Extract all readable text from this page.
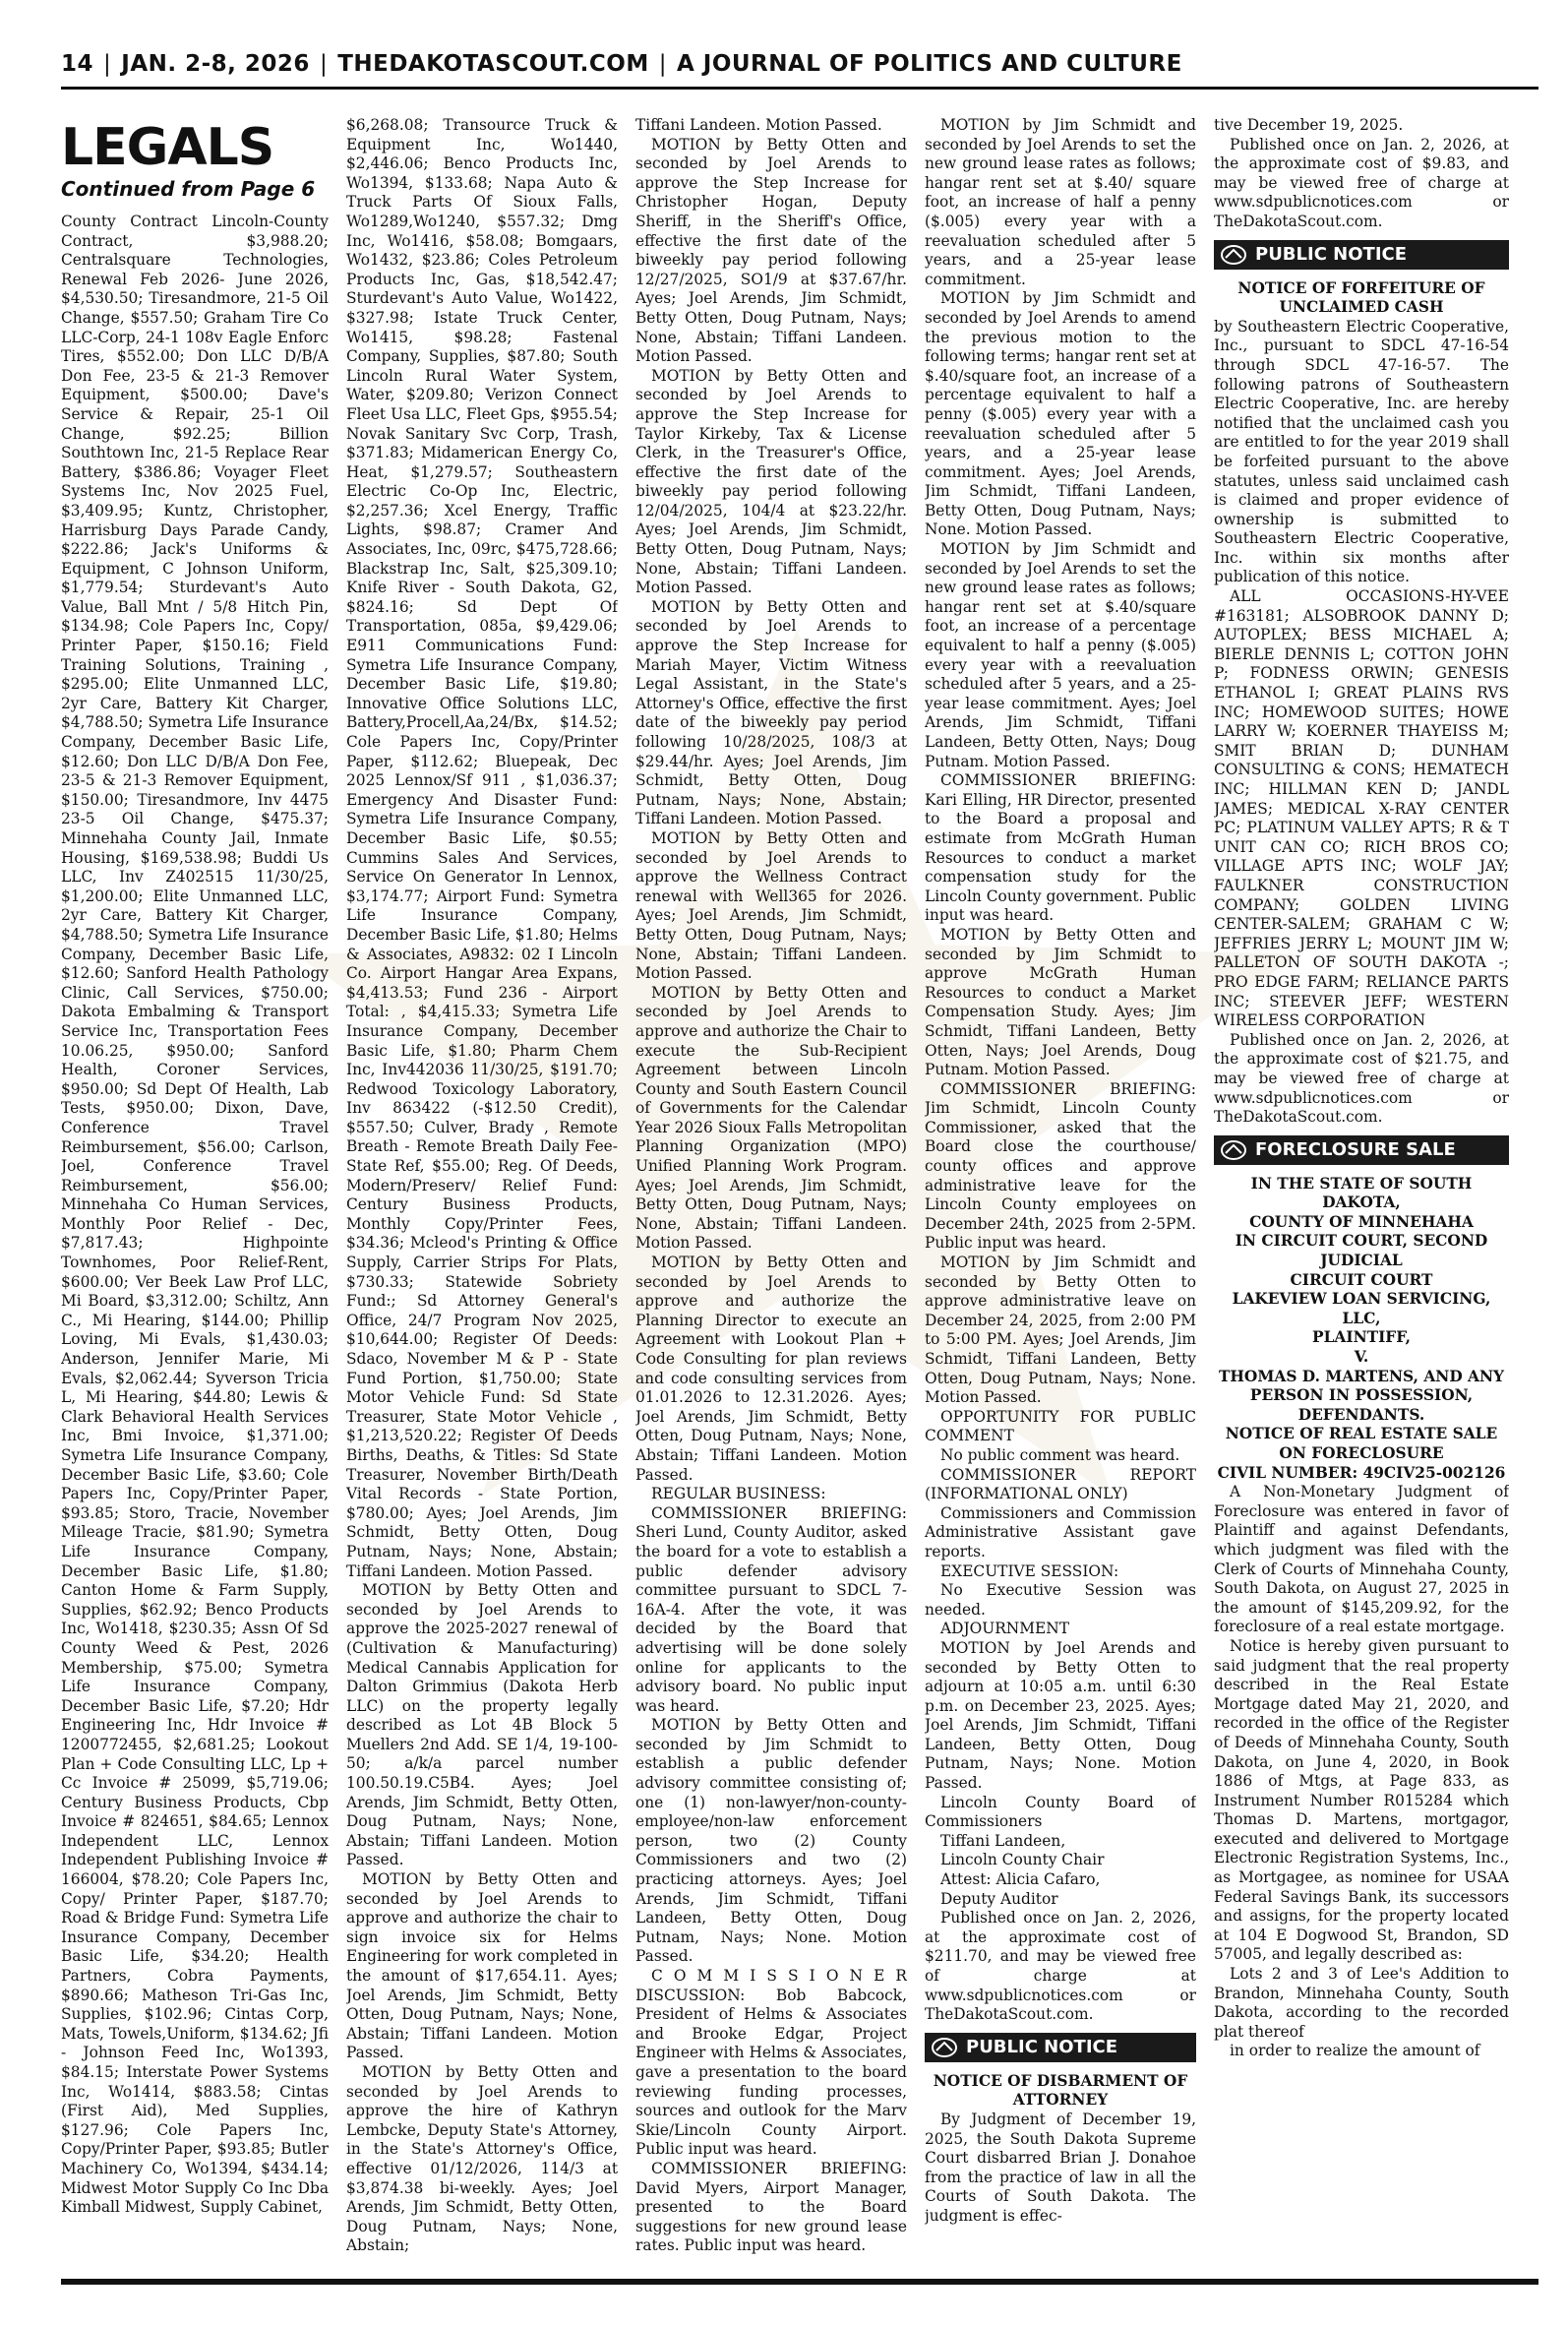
14 | JAN. 2-8, 2026 | THEDAKOTASCOUT.COM | A JOURNAL OF POLITICS AND CULTURE
LEGALS
Continued from Page 6

County Contract Lincoln-County Contract, $3,988.20; Centralsquare Technologies, Renewal Feb 2026- June 2026, $4,530.50; Tiresandmore, 21-5 Oil Change, $557.50; Graham Tire Co LLC-Corp, 24-1 108v Eagle Enforc Tires, $552.00; Don LLC D/B/A Don Fee, 23-5 & 21-3 Remover Equipment, $500.00; Dave's Service & Repair, 25-1 Oil Change, $92.25; Billion Southtown Inc, 21-5 Replace Rear Battery, $386.86; Voyager Fleet Systems Inc, Nov 2025 Fuel, $3,409.95; Kuntz, Christopher, Harrisburg Days Parade Candy, $222.86; Jack's Uniforms & Equipment, C Johnson Uniform, $1,779.54; Sturdevant's Auto Value, Ball Mnt / 5/8 Hitch Pin, $134.98; Cole Papers Inc, Copy/ Printer Paper, $150.16; Field Training Solutions, Training , $295.00; Elite Unmanned LLC, 2yr Care, Battery Kit Charger, $4,788.50; Symetra Life Insurance Company, December Basic Life, $12.60; Don LLC D/B/A Don Fee, 23-5 & 21-3 Remover Equipment, $150.00; Tiresandmore, Inv 4475 23-5 Oil Change, $475.37; Minnehaha County Jail, Inmate Housing, $169,538.98; Buddi Us LLC, Inv Z402515 11/30/25, $1,200.00; Elite Unmanned LLC, 2yr Care, Battery Kit Charger, $4,788.50; Symetra Life Insurance Company, December Basic Life, $12.60; Sanford Health Pathology Clinic, Call Services, $750.00; Dakota Embalming & Transport Service Inc, Transportation Fees 10.06.25, $950.00; Sanford Health, Coroner Services, $950.00; Sd Dept Of Health, Lab Tests, $950.00; Dixon, Dave, Conference Travel Reimbursement, $56.00; Carlson, Joel, Conference Travel Reimbursement, $56.00; Minnehaha Co Human Services, Monthly Poor Relief - Dec, $7,817.43; Highpointe Townhomes, Poor Relief-Rent, $600.00; Ver Beek Law Prof LLC, Mi Board, $3,312.00; Schiltz, Ann C., Mi Hearing, $144.00; Phillip Loving, Mi Evals, $1,430.03; Anderson, Jennifer Marie, Mi Evals, $2,062.44; Syverson Tricia L, Mi Hearing, $44.80; Lewis & Clark Behavioral Health Services Inc, Bmi Invoice, $1,371.00; Symetra Life Insurance Company, December Basic Life, $3.60; Cole Papers Inc, Copy/Printer Paper, $93.85; Storo, Tracie, November Mileage Tracie, $81.90; Symetra Life Insurance Company, December Basic Life, $1.80; Canton Home & Farm Supply, Supplies, $62.92; Benco Products Inc, Wo1418, $230.35; Assn Of Sd County Weed & Pest, 2026 Membership, $75.00; Symetra Life Insurance Company, December Basic Life, $7.20; Hdr Engineering Inc, Hdr Invoice # 1200772455, $2,681.25; Lookout Plan + Code Consulting LLC, Lp + Cc Invoice # 25099, $5,719.06; Century Business Products, Cbp Invoice # 824651, $84.65; Lennox Independent LLC, Lennox Independent Publishing Invoice # 166004, $78.20; Cole Papers Inc, Copy/ Printer Paper, $187.70; Road & Bridge Fund: Symetra Life Insurance Company, December Basic Life, $34.20; Health Partners, Cobra Payments, $890.66; Matheson Tri-Gas Inc, Supplies, $102.96; Cintas Corp, Mats, Towels,Uniform, $134.62; Jfi - Johnson Feed Inc, Wo1393, $84.15; Interstate Power Systems Inc, Wo1414, $883.58; Cintas (First Aid), Med Supplies, $127.96; Cole Papers Inc, Copy/Printer Paper, $93.85; Butler Machinery Co, Wo1394, $434.14; Midwest Motor Supply Co Inc Dba Kimball Midwest, Supply Cabinet,

$6,268.08; Transource Truck & Equipment Inc, Wo1440, $2,446.06; Benco Products Inc, Wo1394, $133.68; Napa Auto & Truck Parts Of Sioux Falls, Wo1289,Wo1240, $557.32; Dmg Inc, Wo1416, $58.08; Bomgaars, Wo1432, $23.86; Coles Petroleum Products Inc, Gas, $18,542.47; Sturdevant's Auto Value, Wo1422, $327.98; Istate Truck Center, Wo1415, $98.28; Fastenal Company, Supplies, $87.80; South Lincoln Rural Water System, Water, $209.80; Verizon Connect Fleet Usa LLC, Fleet Gps, $955.54; Novak Sanitary Svc Corp, Trash, $371.83; Midamerican Energy Co, Heat, $1,279.57; Southeastern Electric Co-Op Inc, Electric, $2,257.36; Xcel Energy, Traffic Lights, $98.87; Cramer And Associates, Inc, 09rc, $475,728.66; Blackstrap Inc, Salt, $25,309.10; Knife River - South Dakota, G2, $824.16; Sd Dept Of Transportation, 085a, $9,429.06; E911 Communications Fund: Symetra Life Insurance Company, December Basic Life, $19.80; Innovative Office Solutions LLC, Battery,Procell,Aa,24/Bx, $14.52; Cole Papers Inc, Copy/Printer Paper, $112.62; Bluepeak, Dec 2025 Lennox/Sf 911 , $1,036.37; Emergency And Disaster Fund: Symetra Life Insurance Company, December Basic Life, $0.55; Cummins Sales And Services, Service On Generator In Lennox, $3,174.77; Airport Fund: Symetra Life Insurance Company, December Basic Life, $1.80; Helms & Associates, A9832: 02 I Lincoln Co. Airport Hangar Area Expans, $4,413.53; Fund 236 - Airport Total: , $4,415.33; Symetra Life Insurance Company, December Basic Life, $1.80; Pharm Chem Inc, Inv442036 11/30/25, $191.70; Redwood Toxicology Laboratory, Inv 863422 (-$12.50 Credit), $557.50; Culver, Brady , Remote Breath - Remote Breath Daily Fee- State Ref, $55.00; Reg. Of Deeds, Modern/Preserv/ Relief Fund: Century Business Products, Monthly Copy/Printer Fees, $34.36; Mcleod's Printing & Office Supply, Carrier Strips For Plats, $730.33; Statewide Sobriety Fund:; Sd Attorney General's Office, 24/7 Program Nov 2025, $10,644.00; Register Of Deeds: Sdaco, November M & P - State Fund Portion, $1,750.00; State Motor Vehicle Fund: Sd State Treasurer, State Motor Vehicle , $1,213,520.22; Register Of Deeds Births, Deaths, & Titles: Sd State Treasurer, November Birth/Death Vital Records - State Portion, $780.00; Ayes; Joel Arends, Jim Schmidt, Betty Otten, Doug Putnam, Nays; None, Abstain; Tiffani Landeen. Motion Passed.

MOTION by Betty Otten and seconded by Joel Arends to approve the 2025-2027 renewal of (Cultivation & Manufacturing) Medical Cannabis Application for Dalton Grimmius (Dakota Herb LLC) on the property legally described as Lot 4B Block 5 Muellers 2nd Add. SE 1/4, 19-100-50; a/k/a parcel number 100.50.19.C5B4. Ayes; Joel Arends, Jim Schmidt, Betty Otten, Doug Putnam, Nays; None, Abstain; Tiffani Landeen. Motion Passed.

MOTION by Betty Otten and seconded by Joel Arends to approve and authorize the chair to sign invoice six for Helms Engineering for work completed in the amount of $17,654.11. Ayes; Joel Arends, Jim Schmidt, Betty Otten, Doug Putnam, Nays; None, Abstain; Tiffani Landeen. Motion Passed.

MOTION by Betty Otten and seconded by Joel Arends to approve the hire of Kathryn Lembcke, Deputy State's Attorney, in the State's Attorney's Office, effective 01/12/2026, 114/3 at $3,874.38 bi-weekly. Ayes; Joel Arends, Jim Schmidt, Betty Otten, Doug Putnam, Nays; None, Abstain;

Tiffani Landeen. Motion Passed.

MOTION by Betty Otten and seconded by Joel Arends to approve the Step Increase for Christopher Hogan, Deputy Sheriff, in the Sheriff's Office, effective the first date of the biweekly pay period following 12/27/2025, SO1/9 at $37.67/hr. Ayes; Joel Arends, Jim Schmidt, Betty Otten, Doug Putnam, Nays; None, Abstain; Tiffani Landeen. Motion Passed.

MOTION by Betty Otten and seconded by Joel Arends to approve the Step Increase for Taylor Kirkeby, Tax & License Clerk, in the Treasurer's Office, effective the first date of the biweekly pay period following 12/04/2025, 104/4 at $23.22/hr. Ayes; Joel Arends, Jim Schmidt, Betty Otten, Doug Putnam, Nays; None, Abstain; Tiffani Landeen. Motion Passed.

MOTION by Betty Otten and seconded by Joel Arends to approve the Step Increase for Mariah Mayer, Victim Witness Legal Assistant, in the State's Attorney's Office, effective the first date of the biweekly pay period following 10/28/2025, 108/3 at $29.44/hr. Ayes; Joel Arends, Jim Schmidt, Betty Otten, Doug Putnam, Nays; None, Abstain; Tiffani Landeen. Motion Passed.

MOTION by Betty Otten and seconded by Joel Arends to approve the Wellness Contract renewal with Well365 for 2026. Ayes; Joel Arends, Jim Schmidt, Betty Otten, Doug Putnam, Nays; None, Abstain; Tiffani Landeen. Motion Passed.

MOTION by Betty Otten and seconded by Joel Arends to approve and authorize the Chair to execute the Sub-Recipient Agreement between Lincoln County and South Eastern Council of Governments for the Calendar Year 2026 Sioux Falls Metropolitan Planning Organization (MPO) Unified Planning Work Program. Ayes; Joel Arends, Jim Schmidt, Betty Otten, Doug Putnam, Nays; None, Abstain; Tiffani Landeen. Motion Passed.

MOTION by Betty Otten and seconded by Joel Arends to approve and authorize the Planning Director to execute an Agreement with Lookout Plan + Code Consulting for plan reviews and code consulting services from 01.01.2026 to 12.31.2026. Ayes; Joel Arends, Jim Schmidt, Betty Otten, Doug Putnam, Nays; None, Abstain; Tiffani Landeen. Motion Passed.

REGULAR BUSINESS:

COMMISSIONER BRIEFING: Sheri Lund, County Auditor, asked the board for a vote to establish a public defender advisory committee pursuant to SDCL 7-16A-4. After the vote, it was decided by the Board that advertising will be done solely online for applicants to the advisory board. No public input was heard.

MOTION by Betty Otten and seconded by Jim Schmidt to establish a public defender advisory committee consisting of; one (1) non-lawyer/non-county-employee/non-law enforcement person, two (2) County Commissioners and two (2) practicing attorneys. Ayes; Joel Arends, Jim Schmidt, Tiffani Landeen, Betty Otten, Doug Putnam, Nays; None. Motion Passed.

C O M M I S S I O N E R DISCUSSION: Bob Babcock, President of Helms & Associates and Brooke Edgar, Project Engineer with Helms & Associates, gave a presentation to the board reviewing funding processes, sources and outlook for the Marv Skie/Lincoln County Airport. Public input was heard.

COMMISSIONER BRIEFING: David Myers, Airport Manager, presented to the Board suggestions for new ground lease rates. Public input was heard.

MOTION by Jim Schmidt and seconded by Joel Arends to set the new ground lease rates as follows; hangar rent set at $.40/ square foot, an increase of half a penny ($.005) every year with a reevaluation scheduled after 5 years, and a 25-year lease commitment.

MOTION by Jim Schmidt and seconded by Joel Arends to amend the previous motion to the following terms; hangar rent set at $.40/square foot, an increase of a percentage equivalent to half a penny ($.005) every year with a reevaluation scheduled after 5 years, and a 25-year lease commitment. Ayes; Joel Arends, Jim Schmidt, Tiffani Landeen, Betty Otten, Doug Putnam, Nays; None. Motion Passed.

MOTION by Jim Schmidt and seconded by Joel Arends to set the new ground lease rates as follows; hangar rent set at $.40/square foot, an increase of a percentage equivalent to half a penny ($.005) every year with a reevaluation scheduled after 5 years, and a 25-year lease commitment. Ayes; Joel Arends, Jim Schmidt, Tiffani Landeen, Betty Otten, Nays; Doug Putnam. Motion Passed.

COMMISSIONER BRIEFING: Kari Elling, HR Director, presented to the Board a proposal and estimate from McGrath Human Resources to conduct a market compensation study for the Lincoln County government. Public input was heard.

MOTION by Betty Otten and seconded by Jim Schmidt to approve McGrath Human Resources to conduct a Market Compensation Study. Ayes; Jim Schmidt, Tiffani Landeen, Betty Otten, Nays; Joel Arends, Doug Putnam. Motion Passed.

COMMISSIONER BRIEFING: Jim Schmidt, Lincoln County Commissioner, asked that the Board close the courthouse/ county offices and approve administrative leave for the Lincoln County employees on December 24th, 2025 from 2-5PM. Public input was heard.

MOTION by Jim Schmidt and seconded by Betty Otten to approve administrative leave on December 24, 2025, from 2:00 PM to 5:00 PM. Ayes; Joel Arends, Jim Schmidt, Tiffani Landeen, Betty Otten, Doug Putnam, Nays; None. Motion Passed.

OPPORTUNITY FOR PUBLIC COMMENT

No public comment was heard.

COMMISSIONER REPORT (INFORMATIONAL ONLY)

Commissioners and Commission Administrative Assistant gave reports.

EXECUTIVE SESSION:

No Executive Session was needed.

ADJOURNMENT

MOTION by Joel Arends and seconded by Betty Otten to adjourn at 10:05 a.m. until 6:30 p.m. on December 23, 2025. Ayes; Joel Arends, Jim Schmidt, Tiffani Landeen, Betty Otten, Doug Putnam, Nays; None. Motion Passed.

Lincoln County Board of Commissioners

Tiffani Landeen,

Lincoln County Chair

Attest: Alicia Cafaro,

Deputy Auditor

Published once on Jan. 2, 2026, at the approximate cost of $211.70, and may be viewed free of charge at www.sdpublicnotices.com or TheDakotaScout.com.

PUBLIC NOTICE

NOTICE OF DISBARMENT OF ATTORNEY

By Judgment of December 19, 2025, the South Dakota Supreme Court disbarred Brian J. Donahoe from the practice of law in all the Courts of South Dakota. The judgment is effec-

tive December 19, 2025.

Published once on Jan. 2, 2026, at the approximate cost of $9.83, and may be viewed free of charge at www.sdpublicnotices.com or TheDakotaScout.com.

PUBLIC NOTICE

NOTICE OF FORFEITURE OF UNCLAIMED CASH

by Southeastern Electric Cooperative, Inc., pursuant to SDCL 47-16-54 through SDCL 47-16-57. The following patrons of Southeastern Electric Cooperative, Inc. are hereby notified that the unclaimed cash you are entitled to for the year 2019 shall be forfeited pursuant to the above statutes, unless said unclaimed cash is claimed and proper evidence of ownership is submitted to Southeastern Electric Cooperative, Inc. within six months after publication of this notice.

ALL OCCASIONS-HY-VEE #163181; ALSOBROOK DANNY D; AUTOPLEX; BESS MICHAEL A; BIERLE DENNIS L; COTTON JOHN P; FODNESS ORWIN; GENESIS ETHANOL I; GREAT PLAINS RVS INC; HOMEWOOD SUITES; HOWE LARRY W; KOERNER THAYEISS M; SMIT BRIAN D; DUNHAM CONSULTING & CONS; HEMATECH INC; HILLMAN KEN D; JANDL JAMES; MEDICAL X-RAY CENTER PC; PLATINUM VALLEY APTS; R & T UNIT CAN CO; RICH BROS CO; VILLAGE APTS INC; WOLF JAY; FAULKNER CONSTRUCTION COMPANY; GOLDEN LIVING CENTER-SALEM; GRAHAM C W; JEFFRIES JERRY L; MOUNT JIM W; PALLETON OF SOUTH DAKOTA -; PRO EDGE FARM; RELIANCE PARTS INC; STEEVER JEFF; WESTERN WIRELESS CORPORATION

Published once on Jan. 2, 2026, at the approximate cost of $21.75, and may be viewed free of charge at www.sdpublicnotices.com or TheDakotaScout.com.

FORECLOSURE SALE

IN THE STATE OF SOUTH DAKOTA,

COUNTY OF MINNEHAHA

IN CIRCUIT COURT, SECOND JUDICIAL

CIRCUIT COURT

LAKEVIEW LOAN SERVICING, LLC,

PLAINTIFF,

V.

THOMAS D. MARTENS, AND ANY PERSON IN POSSESSION, DEFENDANTS.

NOTICE OF REAL ESTATE SALE ON FORECLOSURE

CIVIL NUMBER: 49CIV25-002126

A Non-Monetary Judgment of Foreclosure was entered in favor of Plaintiff and against Defendants, which judgment was filed with the Clerk of Courts of Minnehaha County, South Dakota, on August 27, 2025 in the amount of $145,209.92, for the foreclosure of a real estate mortgage.

Notice is hereby given pursuant to said judgment that the real property described in the Real Estate Mortgage dated May 21, 2020, and recorded in the office of the Register of Deeds of Minnehaha County, South Dakota, on June 4, 2020, in Book 1886 of Mtgs, at Page 833, as Instrument Number R015284 which Thomas D. Martens, mortgagor, executed and delivered to Mortgage Electronic Registration Systems, Inc., as Mortgagee, as nominee for USAA Federal Savings Bank, its successors and assigns, for the property located at 104 E Dogwood St, Brandon, SD 57005, and legally described as:

Lots 2 and 3 of Lee's Addition to Brandon, Minnehaha County, South Dakota, according to the recorded plat thereof

in order to realize the amount of
